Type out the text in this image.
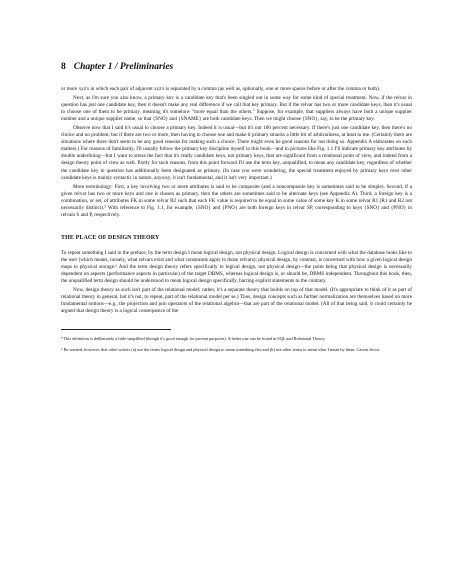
8 Chapter 1 / Preliminaries

or more xyz's in which each pair of adjacent xyz's is separated by a comma (as well as, optionally, one or more spaces before or after the comma or both).

Next, as I'm sure you also know, a primary key is a candidate key that's been singled out in some way for some kind of special treatment. Now, if the relvar in question has just one candidate key, then it doesn't make any real difference if we call that key primary. But if the relvar has two or more candidate keys, then it's usual to choose one of them to be primary, meaning it's somehow "more equal than the others." Suppose, for example, that suppliers always have both a unique supplier number and a unique supplier name, so that {SNO} and {SNAME} are both candidate keys. Then we might choose {SNO}, say, to be the primary key.

Observe now that I said it's usual to choose a primary key. Indeed it is usual—but it's not 100 percent necessary. If there's just one candidate key, then there's no choice and no problem; but if there are two or more, then having to choose one and make it primary smacks a little bit of arbitrariness, at least to me. (Certainly there are situations where there don't seem to be any good reasons for making such a choice. There might even be good reasons for not doing so. Appendix A elaborates on such matters.) For reasons of familiarity, I'll usually follow the primary key discipline myself in this book—and in pictures like Fig. 1.1 I'll indicate primary key attributes by double underlining—but I want to stress the fact that it's really candidate keys, not primary keys, that are significant from a relational point of view, and indeed from a design theory point of view as well. Partly for such reasons, from this point forward I'll use the term key, unqualified, to mean any candidate key, regardless of whether the candidate key in question has additionally been designated as primary. (In case you were wondering, the special treatment enjoyed by primary keys over other candidate keys is mainly syntactic in nature, anyway; it isn't fundamental, and it isn't very important.)

More terminology: First, a key involving two or more attributes is said to be composite (and a noncomposite key is sometimes said to be simple). Second, if a given relvar has two or more keys and one is chosen as primary, then the others are sometimes said to be alternate keys (see Appendix A). Third, a foreign key is a combination, or set, of attributes FK in some relvar R2 such that each FK value is required to be equal to some value of some key K in some relvar R1 (R1 and R2 not necessarily distinct).⁵ With reference to Fig. 1.1, for example, {SNO} and {PNO} are both foreign keys in relvar SP, corresponding to keys {SNO} and {PNO} in relvars S and P, respectively.

THE PLACE OF DESIGN THEORY

To repeat something I said in the preface, by the term design I mean logical design, not physical design. Logical design is concerned with what the database looks like to the user (which means, loosely, what relvars exist and what constraints apply to those relvars); physical design, by contrast, is concerned with how a given logical design maps to physical storage.⁶ And the term design theory refers specifically to logical design, not physical design—the point being that physical design is necessarily dependent on aspects (performance aspects in particular) of the target DBMS, whereas logical design is, or should be, DBMS independent. Throughout this book, then, the unqualified term design should be understood to mean logical design specifically, barring explicit statements to the contrary.

Now, design theory as such isn't part of the relational model; rather, it's a separate theory that builds on top of that model. (It's appropriate to think of it as part of relational theory in general, but it's not, to repeat, part of the relational model per se.) Thus, design concepts such as further normalization are themselves based on more fundamental notions—e.g., the projection and join operators of the relational algebra—that are part of the relational model. (All of that being said, it could certainly be argued that design theory is a logical consequence of the

⁵ This definition is deliberately a little simplified (though it's good enough for present purposes). A better one can be found in SQL and Relational Theory.

⁶ Be warned, however, that other writers (a) use the terms logical design and physical design to mean something else and (b) use other terms to mean what I mean by them. Caveat lector.
